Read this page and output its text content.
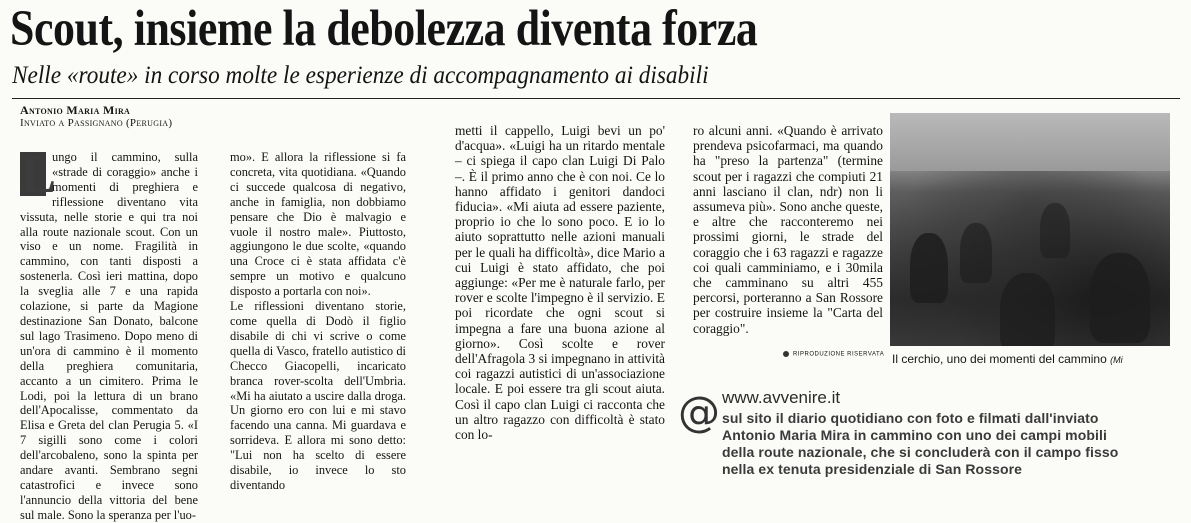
Scout, insieme la debolezza diventa forza
Nelle «route» in corso molte le esperienze di accompagnamento ai disabili
Antonio Maria Mira
Inviato a Passignano (Perugia)

ungo il cammino, sulla «strade di coraggio» anche i momenti di preghiera e riflessione diventano vita vissuta, nelle storie e qui tra noi alla route nazionale scout. Con un viso e un nome. Fragilità in cammino, con tanti disposti a sostenerla. Così ieri mattina, dopo la sveglia alle 7 e una rapida colazione, si parte da Magione destinazione San Donato, balcone sul lago Trasimeno. Dopo meno di un'ora di cammino è il momento della preghiera comunitaria, accanto a un cimitero. Prima le Lodi, poi la lettura di un brano dell'Apocalisse, commentato da Elisa e Greta del clan Perugia 5. «I 7 sigilli sono come i colori dell'arcobaleno, sono la spinta per andare avanti. Sembrano segni catastrofici e invece sono l'annuncio della vittoria del bene sul male. Sono la speranza per l'uo-

L	mo». E allora la riflessione si fa concreta, vita quotidiana. «Quando ci succede qualcosa di negativo, anche in famiglia, non dobbiamo pensare che Dio è malvagio e vuole il nostro male». Piuttosto, aggiungono le due scolte, «quando una Croce ci è stata affidata c'è sempre un motivo e qualcuno disposto a portarla con noi».

Le riflessioni diventano storie, come quella di Dodò il figlio disabile di chi vi scrive o come quella di Vasco, fratello autistico di Checco Giacopelli, incaricato branca rover-scolta dell'Umbria. «Mi ha aiutato a uscire dalla droga. Un giorno ero con lui e mi stavo facendo una canna. Mi guardava e sorrideva. E allora mi sono detto: "Lui non ha scelto di essere disabile, io invece lo sto diventando

metti il cappello, Luigi bevi un po' d'acqua». «Luigi ha un ritardo mentale – ci spiega il capo clan Luigi Di Palo –. È il primo anno che è con noi. Ce lo hanno affidato i genitori dandoci fiducia». «Mi aiuta ad essere paziente, proprio io che lo sono poco. E io lo aiuto soprattutto nelle azioni manuali per le quali ha difficoltà», dice Mario a cui Luigi è stato affidato, che poi aggiunge: «Per me è naturale farlo, per rover e scolte l'impegno è il servizio. E poi ricordate che ogni scout si impegna a fare una buona azione al giorno». Così scolte e rover dell'Afragola 3 si impegnano in attività coi ragazzi autistici di un'associazione locale. E poi essere tra gli scout aiuta. Così il capo clan Luigi ci racconta che un altro ragazzo con difficoltà è stato con lo-

ro alcuni anni. «Quando è arrivato prendeva psicofarmaci, ma quando ha "preso la partenza" (termine scout per i ragazzi che compiuti 21 anni lasciano il clan, ndr) non li assumeva più». Sono anche queste, e altre che racconteremo nei prossimi giorni, le strade del coraggio che i 63 ragazzi e ragazze coi quali camminiamo, e i 30mila che camminano su altri 455 percorsi, porteranno a San Rossore per costruire insieme la "Carta del coraggio".

RIPRODUZIONE RISERVATA Il cerchio, uno dei momenti del cammino (Mi
@ www.avvenire.it
sul sito il diario quotidiano con foto e filmati dall'inviato
Antonio Maria Mira in cammino con uno dei campi mobili
della route nazionale, che si concluderà con il campo fisso
nella ex tenuta presidenziale di San Rossore
